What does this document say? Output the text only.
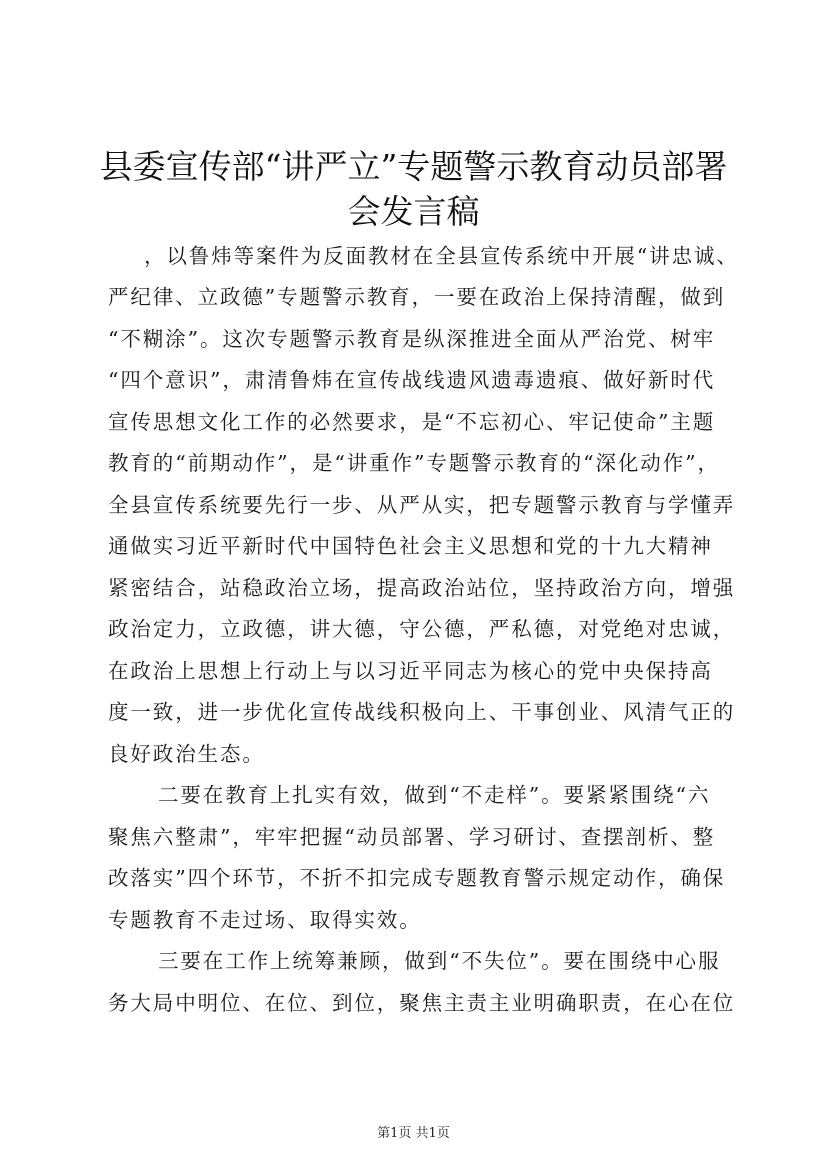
县委宣传部“讲严立”专题警示教育动员部署
会发言稿
，以鲁炜等案件为反面教材在全县宣传系统中开展“讲忠诚、
严纪律、立政德”专题警示教育，一要在政治上保持清醒，做到
“不糊涂”。这次专题警示教育是纵深推进全面从严治党、树牢
“四个意识”，肃清鲁炜在宣传战线遗风遗毒遗痕、做好新时代
宣传思想文化工作的必然要求，是“不忘初心、牢记使命”主题
教育的“前期动作”，是“讲重作”专题警示教育的“深化动作”，
全县宣传系统要先行一步、从严从实，把专题警示教育与学懂弄
通做实习近平新时代中国特色社会主义思想和党的十九大精神
紧密结合，站稳政治立场，提高政治站位，坚持政治方向，增强
政治定力，立政德，讲大德，守公德，严私德，对党绝对忠诚，
在政治上思想上行动上与以习近平同志为核心的党中央保持高
度一致，进一步优化宣传战线积极向上、干事创业、风清气正的
良好政治生态。
二要在教育上扎实有效，做到“不走样”。要紧紧围绕“六
聚焦六整肃”，牢牢把握“动员部署、学习研讨、查摆剖析、整
改落实”四个环节，不折不扣完成专题教育警示规定动作，确保
专题教育不走过场、取得实效。
三要在工作上统筹兼顾，做到“不失位”。要在围绕中心服
务大局中明位、在位、到位，聚焦主责主业明确职责，在心在位
第1页 共1页
